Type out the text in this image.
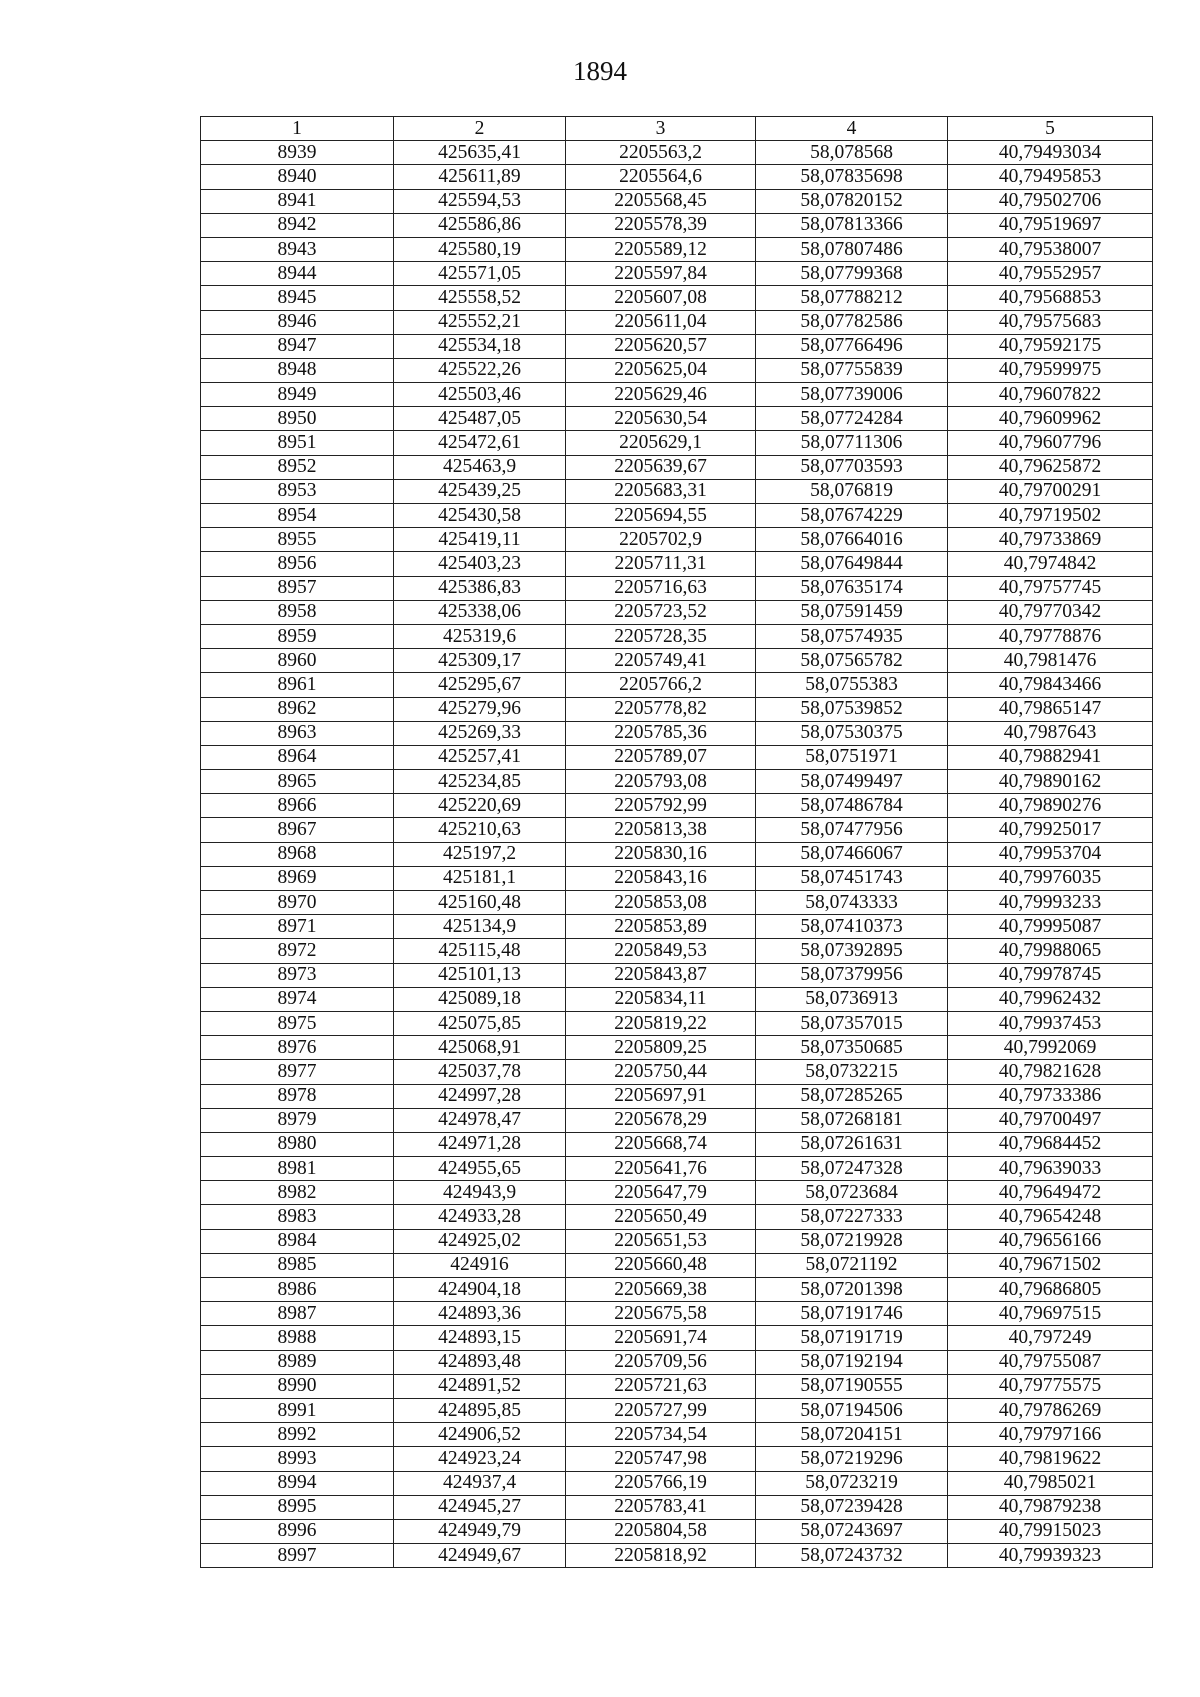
1894
1	2	3	4	5
8939	425635,41	2205563,2	58,078568	40,79493034
8940	425611,89	2205564,6	58,07835698	40,79495853
8941	425594,53	2205568,45	58,07820152	40,79502706
8942	425586,86	2205578,39	58,07813366	40,79519697
8943	425580,19	2205589,12	58,07807486	40,79538007
8944	425571,05	2205597,84	58,07799368	40,79552957
8945	425558,52	2205607,08	58,07788212	40,79568853
8946	425552,21	2205611,04	58,07782586	40,79575683
8947	425534,18	2205620,57	58,07766496	40,79592175
8948	425522,26	2205625,04	58,07755839	40,79599975
8949	425503,46	2205629,46	58,07739006	40,79607822
8950	425487,05	2205630,54	58,07724284	40,79609962
8951	425472,61	2205629,1	58,07711306	40,79607796
8952	425463,9	2205639,67	58,07703593	40,79625872
8953	425439,25	2205683,31	58,076819	40,79700291
8954	425430,58	2205694,55	58,07674229	40,79719502
8955	425419,11	2205702,9	58,07664016	40,79733869
8956	425403,23	2205711,31	58,07649844	40,7974842
8957	425386,83	2205716,63	58,07635174	40,79757745
8958	425338,06	2205723,52	58,07591459	40,79770342
8959	425319,6	2205728,35	58,07574935	40,79778876
8960	425309,17	2205749,41	58,07565782	40,7981476
8961	425295,67	2205766,2	58,0755383	40,79843466
8962	425279,96	2205778,82	58,07539852	40,79865147
8963	425269,33	2205785,36	58,07530375	40,7987643
8964	425257,41	2205789,07	58,0751971	40,79882941
8965	425234,85	2205793,08	58,07499497	40,79890162
8966	425220,69	2205792,99	58,07486784	40,79890276
8967	425210,63	2205813,38	58,07477956	40,79925017
8968	425197,2	2205830,16	58,07466067	40,79953704
8969	425181,1	2205843,16	58,07451743	40,79976035
8970	425160,48	2205853,08	58,0743333	40,79993233
8971	425134,9	2205853,89	58,07410373	40,79995087
8972	425115,48	2205849,53	58,07392895	40,79988065
8973	425101,13	2205843,87	58,07379956	40,79978745
8974	425089,18	2205834,11	58,0736913	40,79962432
8975	425075,85	2205819,22	58,07357015	40,79937453
8976	425068,91	2205809,25	58,07350685	40,7992069
8977	425037,78	2205750,44	58,0732215	40,79821628
8978	424997,28	2205697,91	58,07285265	40,79733386
8979	424978,47	2205678,29	58,07268181	40,79700497
8980	424971,28	2205668,74	58,07261631	40,79684452
8981	424955,65	2205641,76	58,07247328	40,79639033
8982	424943,9	2205647,79	58,0723684	40,79649472
8983	424933,28	2205650,49	58,07227333	40,79654248
8984	424925,02	2205651,53	58,07219928	40,79656166
8985	424916	2205660,48	58,0721192	40,79671502
8986	424904,18	2205669,38	58,07201398	40,79686805
8987	424893,36	2205675,58	58,07191746	40,79697515
8988	424893,15	2205691,74	58,07191719	40,797249
8989	424893,48	2205709,56	58,07192194	40,79755087
8990	424891,52	2205721,63	58,07190555	40,79775575
8991	424895,85	2205727,99	58,07194506	40,79786269
8992	424906,52	2205734,54	58,07204151	40,79797166
8993	424923,24	2205747,98	58,07219296	40,79819622
8994	424937,4	2205766,19	58,0723219	40,7985021
8995	424945,27	2205783,41	58,07239428	40,79879238
8996	424949,79	2205804,58	58,07243697	40,79915023
8997	424949,67	2205818,92	58,07243732	40,79939323
